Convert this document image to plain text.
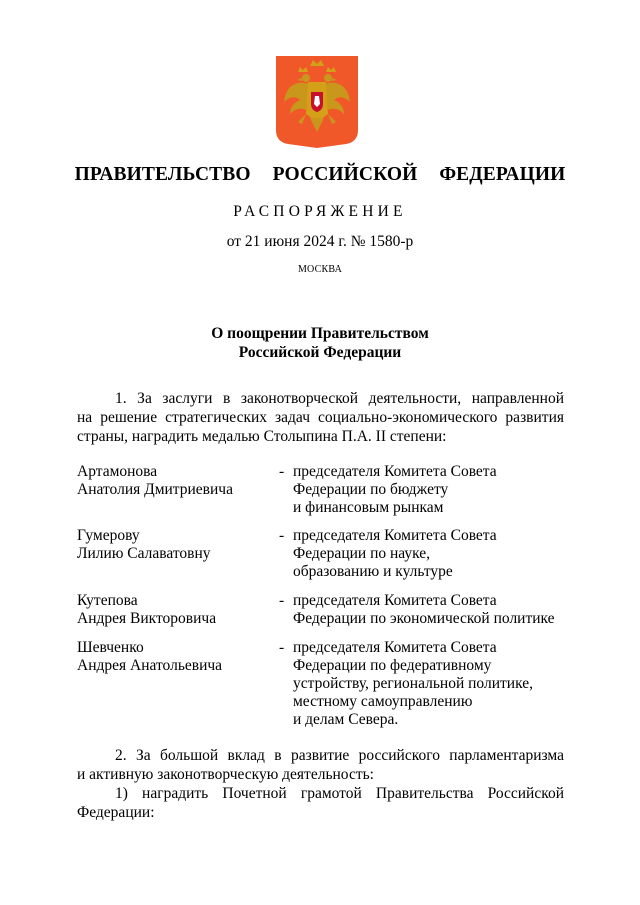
ПРАВИТЕЛЬСТВО  РОССИЙСКОЙ  ФЕДЕРАЦИИ
РАСПОРЯЖЕНИЕ
от 21 июня 2024 г. № 1580-р
МОСКВА
О поощрении Правительством
Российской Федерации
1. За заслуги в законотворческой деятельности, направленной
на решение стратегических задач социально-экономического развития
страны, наградить медалью Столыпина П.А. II степени:
Артамонова
Анатолия Дмитриевича
- председателя Комитета Совета
Федерации по бюджету
и финансовым рынкам
Гумерову
Лилию Салаватовну
- председателя Комитета Совета
Федерации по науке,
образованию и культуре
Кутепова
Андрея Викторовича
- председателя Комитета Совета
Федерации по экономической политике
Шевченко
Андрея Анатольевича
- председателя Комитета Совета
Федерации по федеративному
устройству, региональной политике,
местному самоуправлению
и делам Севера.
2. За большой вклад в развитие российского парламентаризма
и активную законотворческую деятельность:
1) наградить Почетной грамотой Правительства Российской
Федерации:
